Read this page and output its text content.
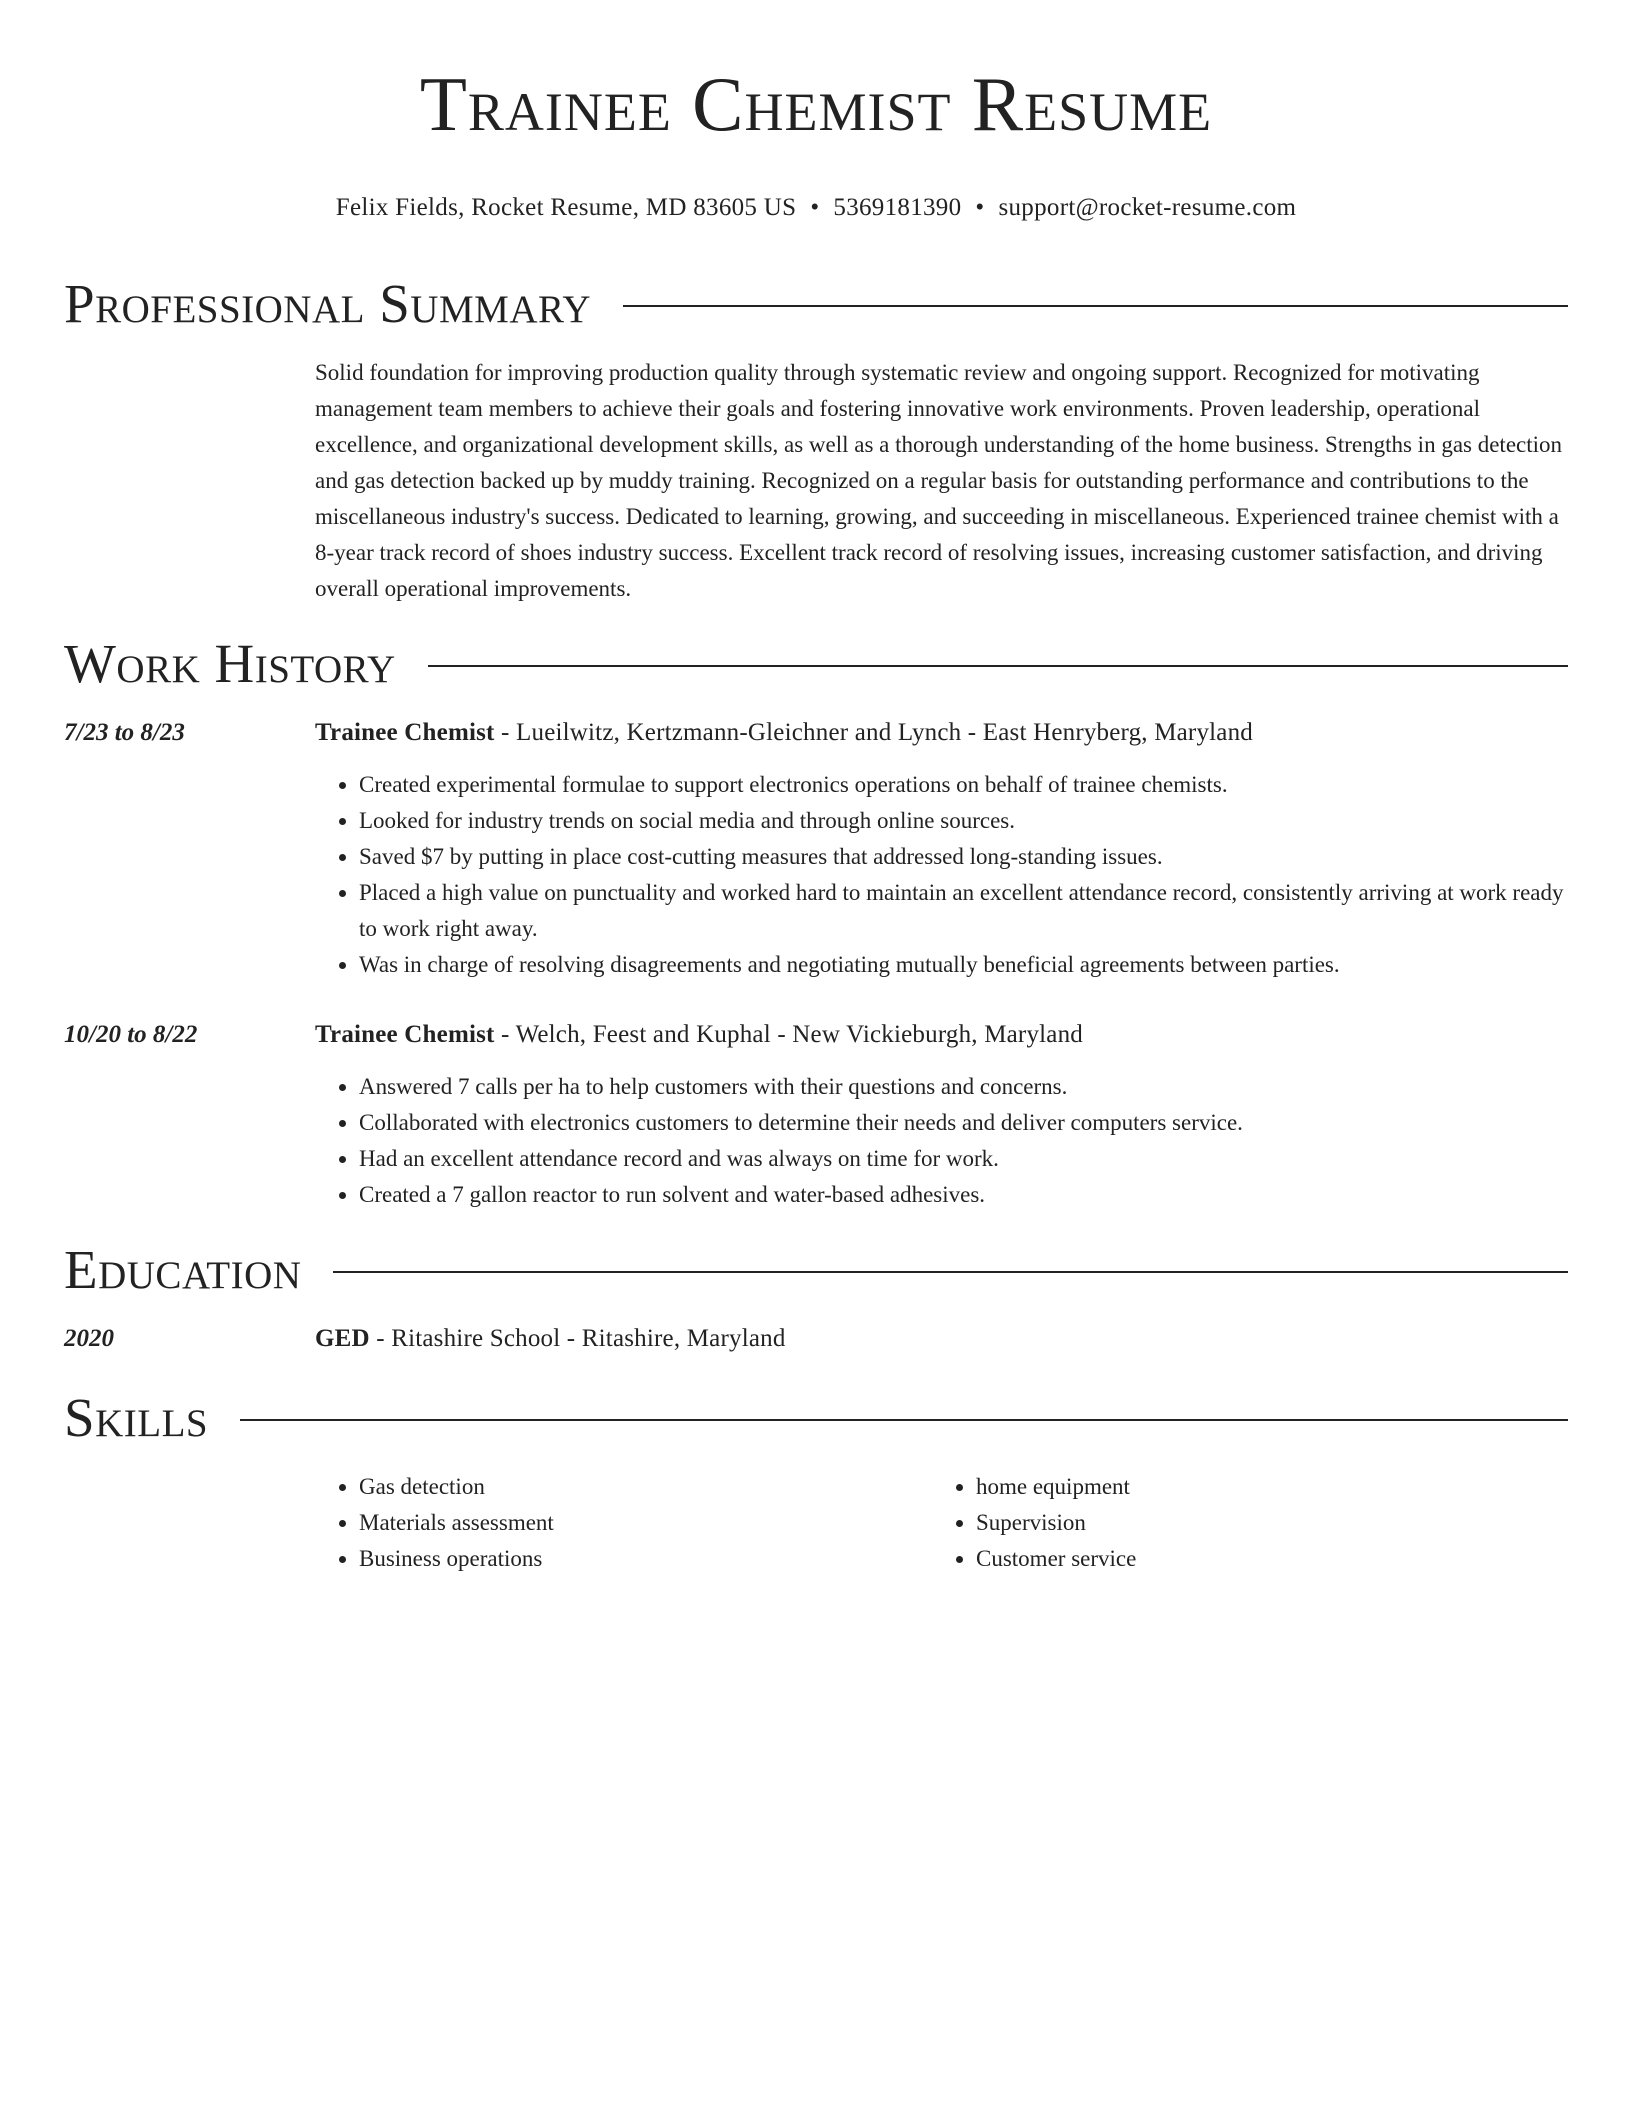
Trainee Chemist Resume
Felix Fields, Rocket Resume, MD 83605 US • 5369181390 • support@rocket-resume.com
Professional Summary
Solid foundation for improving production quality through systematic review and ongoing support. Recognized for motivating management team members to achieve their goals and fostering innovative work environments. Proven leadership, operational excellence, and organizational development skills, as well as a thorough understanding of the home business. Strengths in gas detection and gas detection backed up by muddy training. Recognized on a regular basis for outstanding performance and contributions to the miscellaneous industry's success. Dedicated to learning, growing, and succeeding in miscellaneous. Experienced trainee chemist with a 8-year track record of shoes industry success. Excellent track record of resolving issues, increasing customer satisfaction, and driving overall operational improvements.
Work History
7/23 to 8/23	Trainee Chemist - Lueilwitz, Kertzmann-Gleichner and Lynch - East Henryberg, Maryland
• Created experimental formulae to support electronics operations on behalf of trainee chemists.
• Looked for industry trends on social media and through online sources.
• Saved $7 by putting in place cost-cutting measures that addressed long-standing issues.
• Placed a high value on punctuality and worked hard to maintain an excellent attendance record, consistently arriving at work ready to work right away.
• Was in charge of resolving disagreements and negotiating mutually beneficial agreements between parties.
10/20 to 8/22	Trainee Chemist - Welch, Feest and Kuphal - New Vickieburgh, Maryland
• Answered 7 calls per ha to help customers with their questions and concerns.
• Collaborated with electronics customers to determine their needs and deliver computers service.
• Had an excellent attendance record and was always on time for work.
• Created a 7 gallon reactor to run solvent and water-based adhesives.
Education
2020	GED - Ritashire School - Ritashire, Maryland
Skills
• Gas detection
• Materials assessment
• Business operations
• home equipment
• Supervision
• Customer service
